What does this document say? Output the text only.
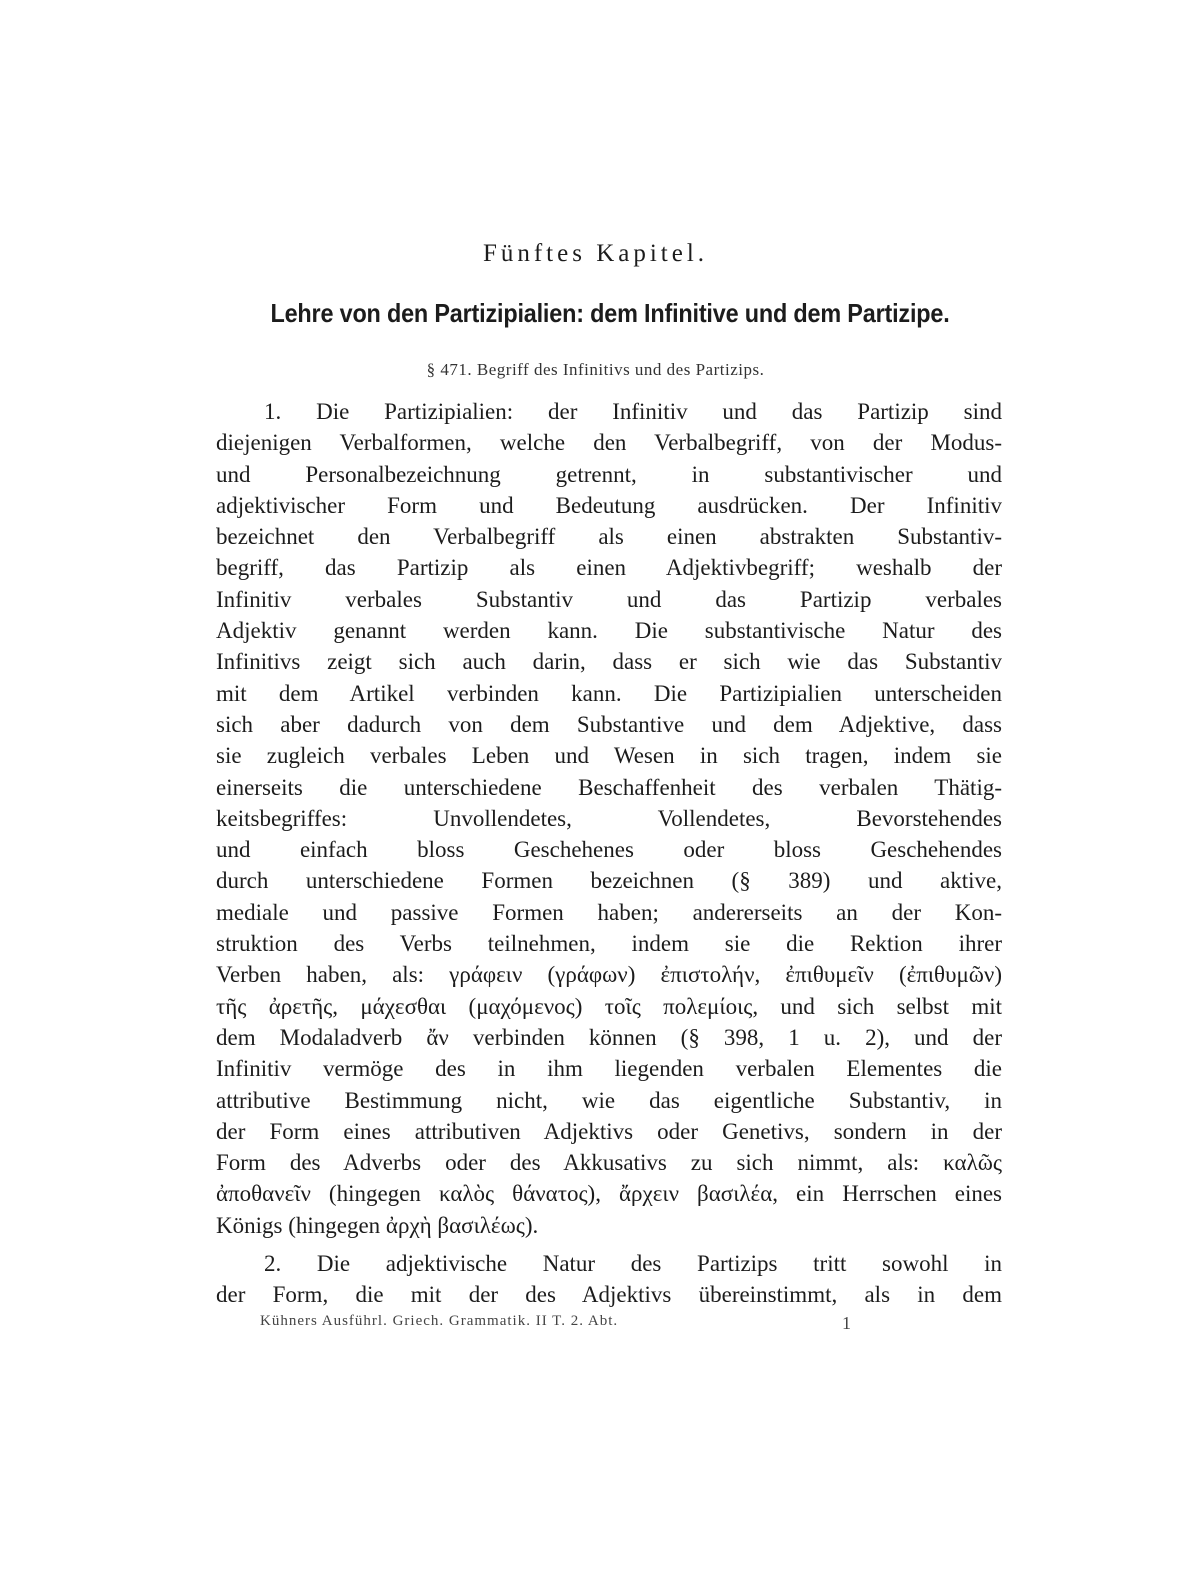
Fünftes Kapitel.
Lehre von den Partizipialien: dem Infinitive und dem Partizipe.
§ 471. Begriff des Infinitivs und des Partizips.
1. Die Partizipialien: der Infinitiv und das Partizip sind
diejenigen Verbalformen, welche den Verbalbegriff, von der Modus-
und Personalbezeichnung getrennt, in substantivischer und
adjektivischer Form und Bedeutung ausdrücken. Der Infinitiv
bezeichnet den Verbalbegriff als einen abstrakten Substantiv-
begriff, das Partizip als einen Adjektivbegriff; weshalb der
Infinitiv verbales Substantiv und das Partizip verbales
Adjektiv genannt werden kann. Die substantivische Natur des
Infinitivs zeigt sich auch darin, dass er sich wie das Substantiv
mit dem Artikel verbinden kann. Die Partizipialien unterscheiden
sich aber dadurch von dem Substantive und dem Adjektive, dass
sie zugleich verbales Leben und Wesen in sich tragen, indem sie
einerseits die unterschiedene Beschaffenheit des verbalen Thätig-
keitsbegriffes: Unvollendetes, Vollendetes, Bevorstehendes
und einfach bloss Geschehenes oder bloss Geschehendes
durch unterschiedene Formen bezeichnen (§ 389) und aktive,
mediale und passive Formen haben; andererseits an der Kon-
struktion des Verbs teilnehmen, indem sie die Rektion ihrer
Verben haben, als: γράφειν (γράφων) ἐπιστολήν, ἐπιθυμεῖν (ἐπιθυμῶν)
τῆς ἀρετῆς, μάχεσθαι (μαχόμενος) τοῖς πολεμίοις, und sich selbst mit
dem Modaladverb ἄν verbinden können (§ 398, 1 u. 2), und der
Infinitiv vermöge des in ihm liegenden verbalen Elementes die
attributive Bestimmung nicht, wie das eigentliche Substantiv, in
der Form eines attributiven Adjektivs oder Genetivs, sondern in der
Form des Adverbs oder des Akkusativs zu sich nimmt, als: καλῶς
ἀποθανεῖν (hingegen καλὸς θάνατος), ἄρχειν βασιλέα, ein Herrschen eines
Königs (hingegen ἀρχὴ βασιλέως).
2. Die adjektivische Natur des Partizips tritt sowohl in
der Form, die mit der des Adjektivs übereinstimmt, als in dem
Kühners Ausführl. Griech. Grammatik. II T. 2. Abt.	1
